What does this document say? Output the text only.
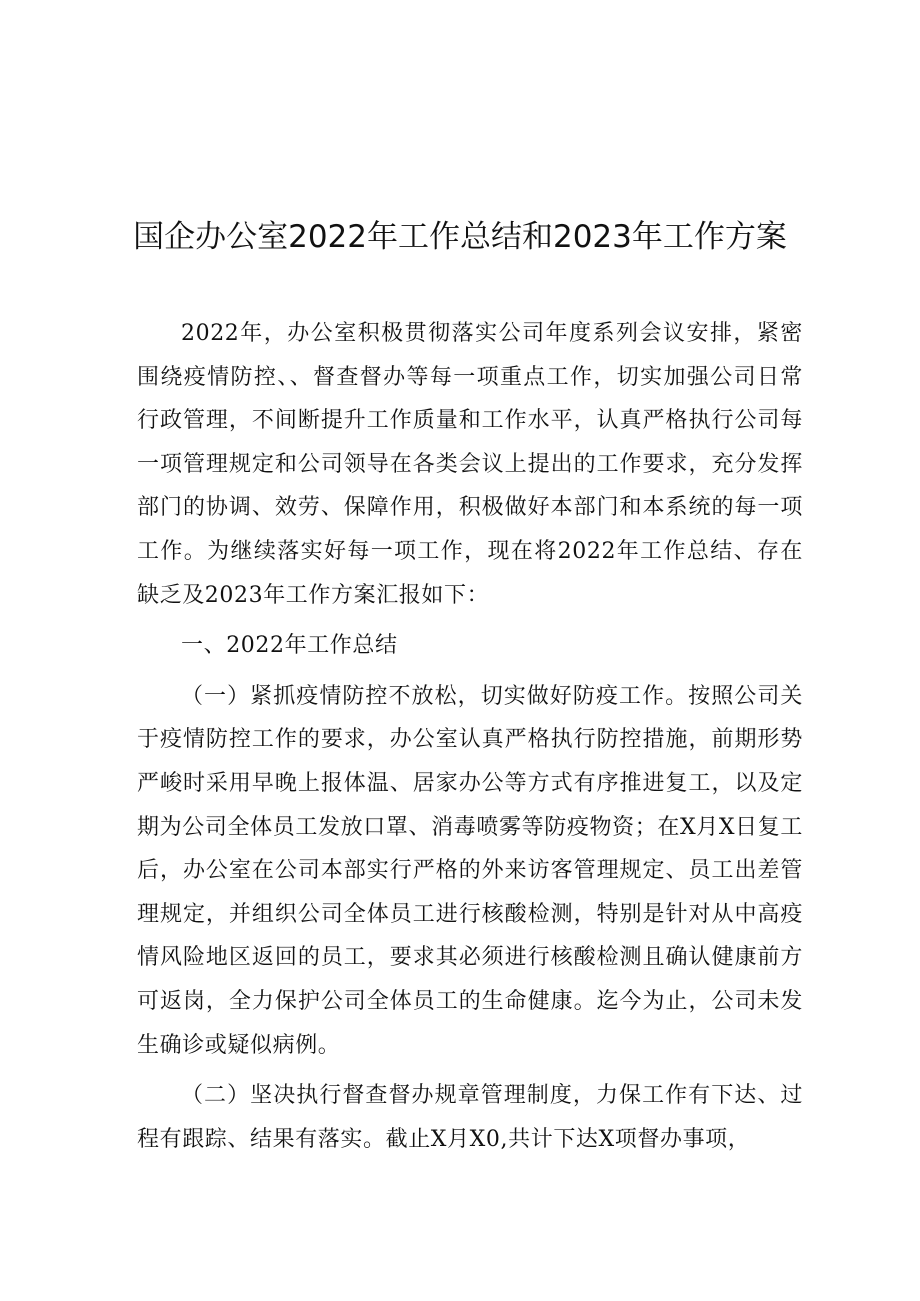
国企办公室2022年工作总结和2023年工作方案

2022年，办公室积极贯彻落实公司年度系列会议安排，紧密围绕疫情防控、、督查督办等每一项重点工作，切实加强公司日常行政管理，不间断提升工作质量和工作水平，认真严格执行公司每一项管理规定和公司领导在各类会议上提出的工作要求，充分发挥部门的协调、效劳、保障作用，积极做好本部门和本系统的每一项工作。为继续落实好每一项工作，现在将2022年工作总结、存在缺乏及2023年工作方案汇报如下：

一、2022年工作总结

（一）紧抓疫情防控不放松，切实做好防疫工作。按照公司关于疫情防控工作的要求，办公室认真严格执行防控措施，前期形势严峻时采用早晚上报体温、居家办公等方式有序推进复工，以及定期为公司全体员工发放口罩、消毒喷雾等防疫物资；在X月X日复工后，办公室在公司本部实行严格的外来访客管理规定、员工出差管理规定，并组织公司全体员工进行核酸检测，特别是针对从中高疫情风险地区返回的员工，要求其必须进行核酸检测且确认健康前方可返岗，全力保护公司全体员工的生命健康。迄今为止，公司未发生确诊或疑似病例。

（二）坚决执行督查督办规章管理制度，力保工作有下达、过程有跟踪、结果有落实。截止X月X0,共计下达X项督办事项，
